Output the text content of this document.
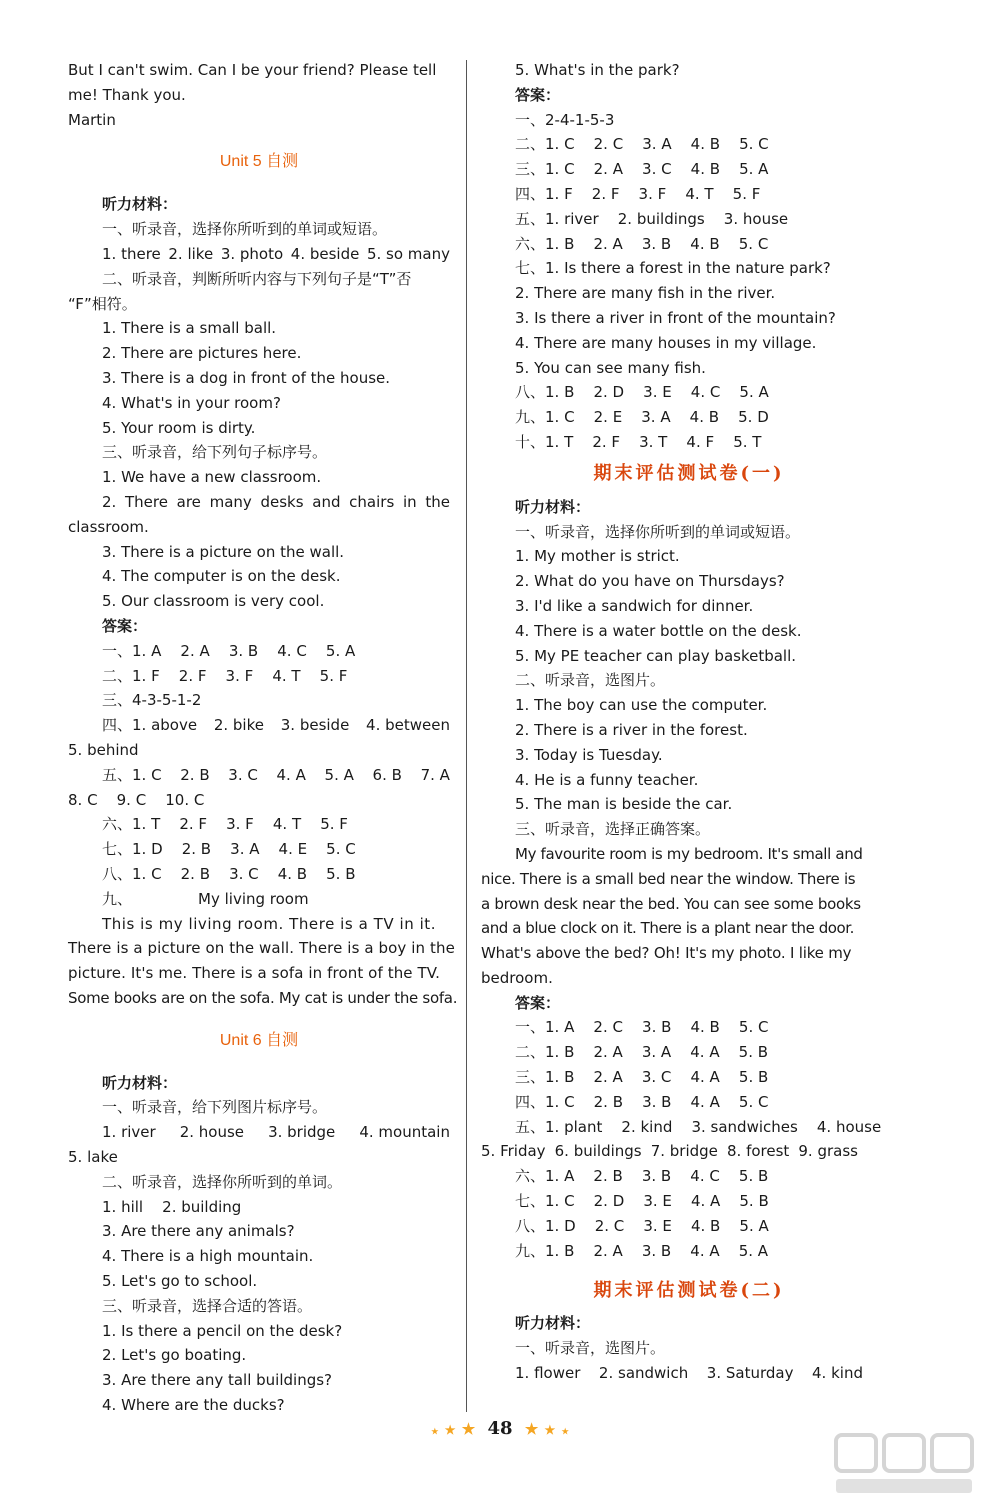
But I can't swim. Can I be your friend? Please tell
me! Thank you.
Martin
Unit 5 自测
听力材料：
一、听录音，选择你所听到的单词或短语。
1. there 2. like 3. photo 4. beside 5. so many
二、听录音，判断所听内容与下列句子是“T”否
“F”相符。
1. There is a small ball.
2. There are pictures here.
3. There is a dog in front of the house.
4. What's in your room?
5. Your room is dirty.
三、听录音，给下列句子标序号。
1. We have a new classroom.
2. There are many desks and chairs in the
classroom.
3. There is a picture on the wall.
4. The computer is on the desk.
5. Our classroom is very cool.
答案：
一、1. A    2. A    3. B    4. C    5. A
二、1. F    2. F    3. F    4. T    5. F
三、4-3-5-1-2
四、1. above 2. bike 3. beside 4. between
5. behind
五、1. C 2. B 3. C 4. A 5. A 6. B 7. A
8. C    9. C    10. C
六、1. T    2. F    3. F    4. T    5. F
七、1. D    2. B    3. A    4. E    5. C
八、1. C    2. B    3. C    4. B    5. B
九、	My living room
This is my living room. There is a TV in it.
There is a picture on the wall. There is a boy in the
picture. It's me. There is a sofa in front of the TV.
Some books are on the sofa. My cat is under the sofa.
Unit 6 自测
听力材料：
一、听录音，给下列图片标序号。
1. river 2. house 3. bridge 4. mountain
5. lake
二、听录音，选择你所听到的单词。
1. hill    2. building
3. Are there any animals?
4. There is a high mountain.
5. Let's go to school.
三、听录音，选择合适的答语。
1. Is there a pencil on the desk?
2. Let's go boating.
3. Are there any tall buildings?
4. Where are the ducks?
5. What's in the park?
答案：
一、2-4-1-5-3
二、1. C    2. C    3. A    4. B    5. C
三、1. C    2. A    3. C    4. B    5. A
四、1. F    2. F    3. F    4. T    5. F
五、1. river    2. buildings    3. house
六、1. B    2. A    3. B    4. B    5. C
七、1. Is there a forest in the nature park?
2. There are many fish in the river.
3. Is there a river in front of the mountain?
4. There are many houses in my village.
5. You can see many fish.
八、1. B    2. D    3. E    4. C    5. A
九、1. C    2. E    3. A    4. B    5. D
十、1. T    2. F    3. T    4. F    5. T
期末评估测试卷(一)
听力材料：
一、听录音，选择你所听到的单词或短语。
1. My mother is strict.
2. What do you have on Thursdays?
3. I'd like a sandwich for dinner.
4. There is a water bottle on the desk.
5. My PE teacher can play basketball.
二、听录音，选图片。
1. The boy can use the computer.
2. There is a river in the forest.
3. Today is Tuesday.
4. He is a funny teacher.
5. The man is beside the car.
三、听录音，选择正确答案。
My favourite room is my bedroom. It's small and
nice. There is a small bed near the window. There is
a brown desk near the bed. You can see some books
and a blue clock on it. There is a plant near the door.
What's above the bed? Oh! It's my photo. I like my
bedroom.
答案：
一、1. A    2. C    3. B    4. B    5. C
二、1. B    2. A    3. A    4. A    5. B
三、1. B    2. A    3. C    4. A    5. B
四、1. C    2. B    3. B    4. A    5. C
五、1. plant    2. kind    3. sandwiches    4. house
5. Friday 6. buildings 7. bridge 8. forest 9. grass
六、1. A    2. B    3. B    4. C    5. B
七、1. C    2. D    3. E    4. A    5. B
八、1. D    2. C    3. E    4. B    5. A
九、1. B    2. A    3. B    4. A    5. A
期末评估测试卷(二)
听力材料：
一、听录音，选图片。
1. flower 2. sandwich 3. Saturday 4. kind
★ ★ ★ 48 ★ ★ ★
